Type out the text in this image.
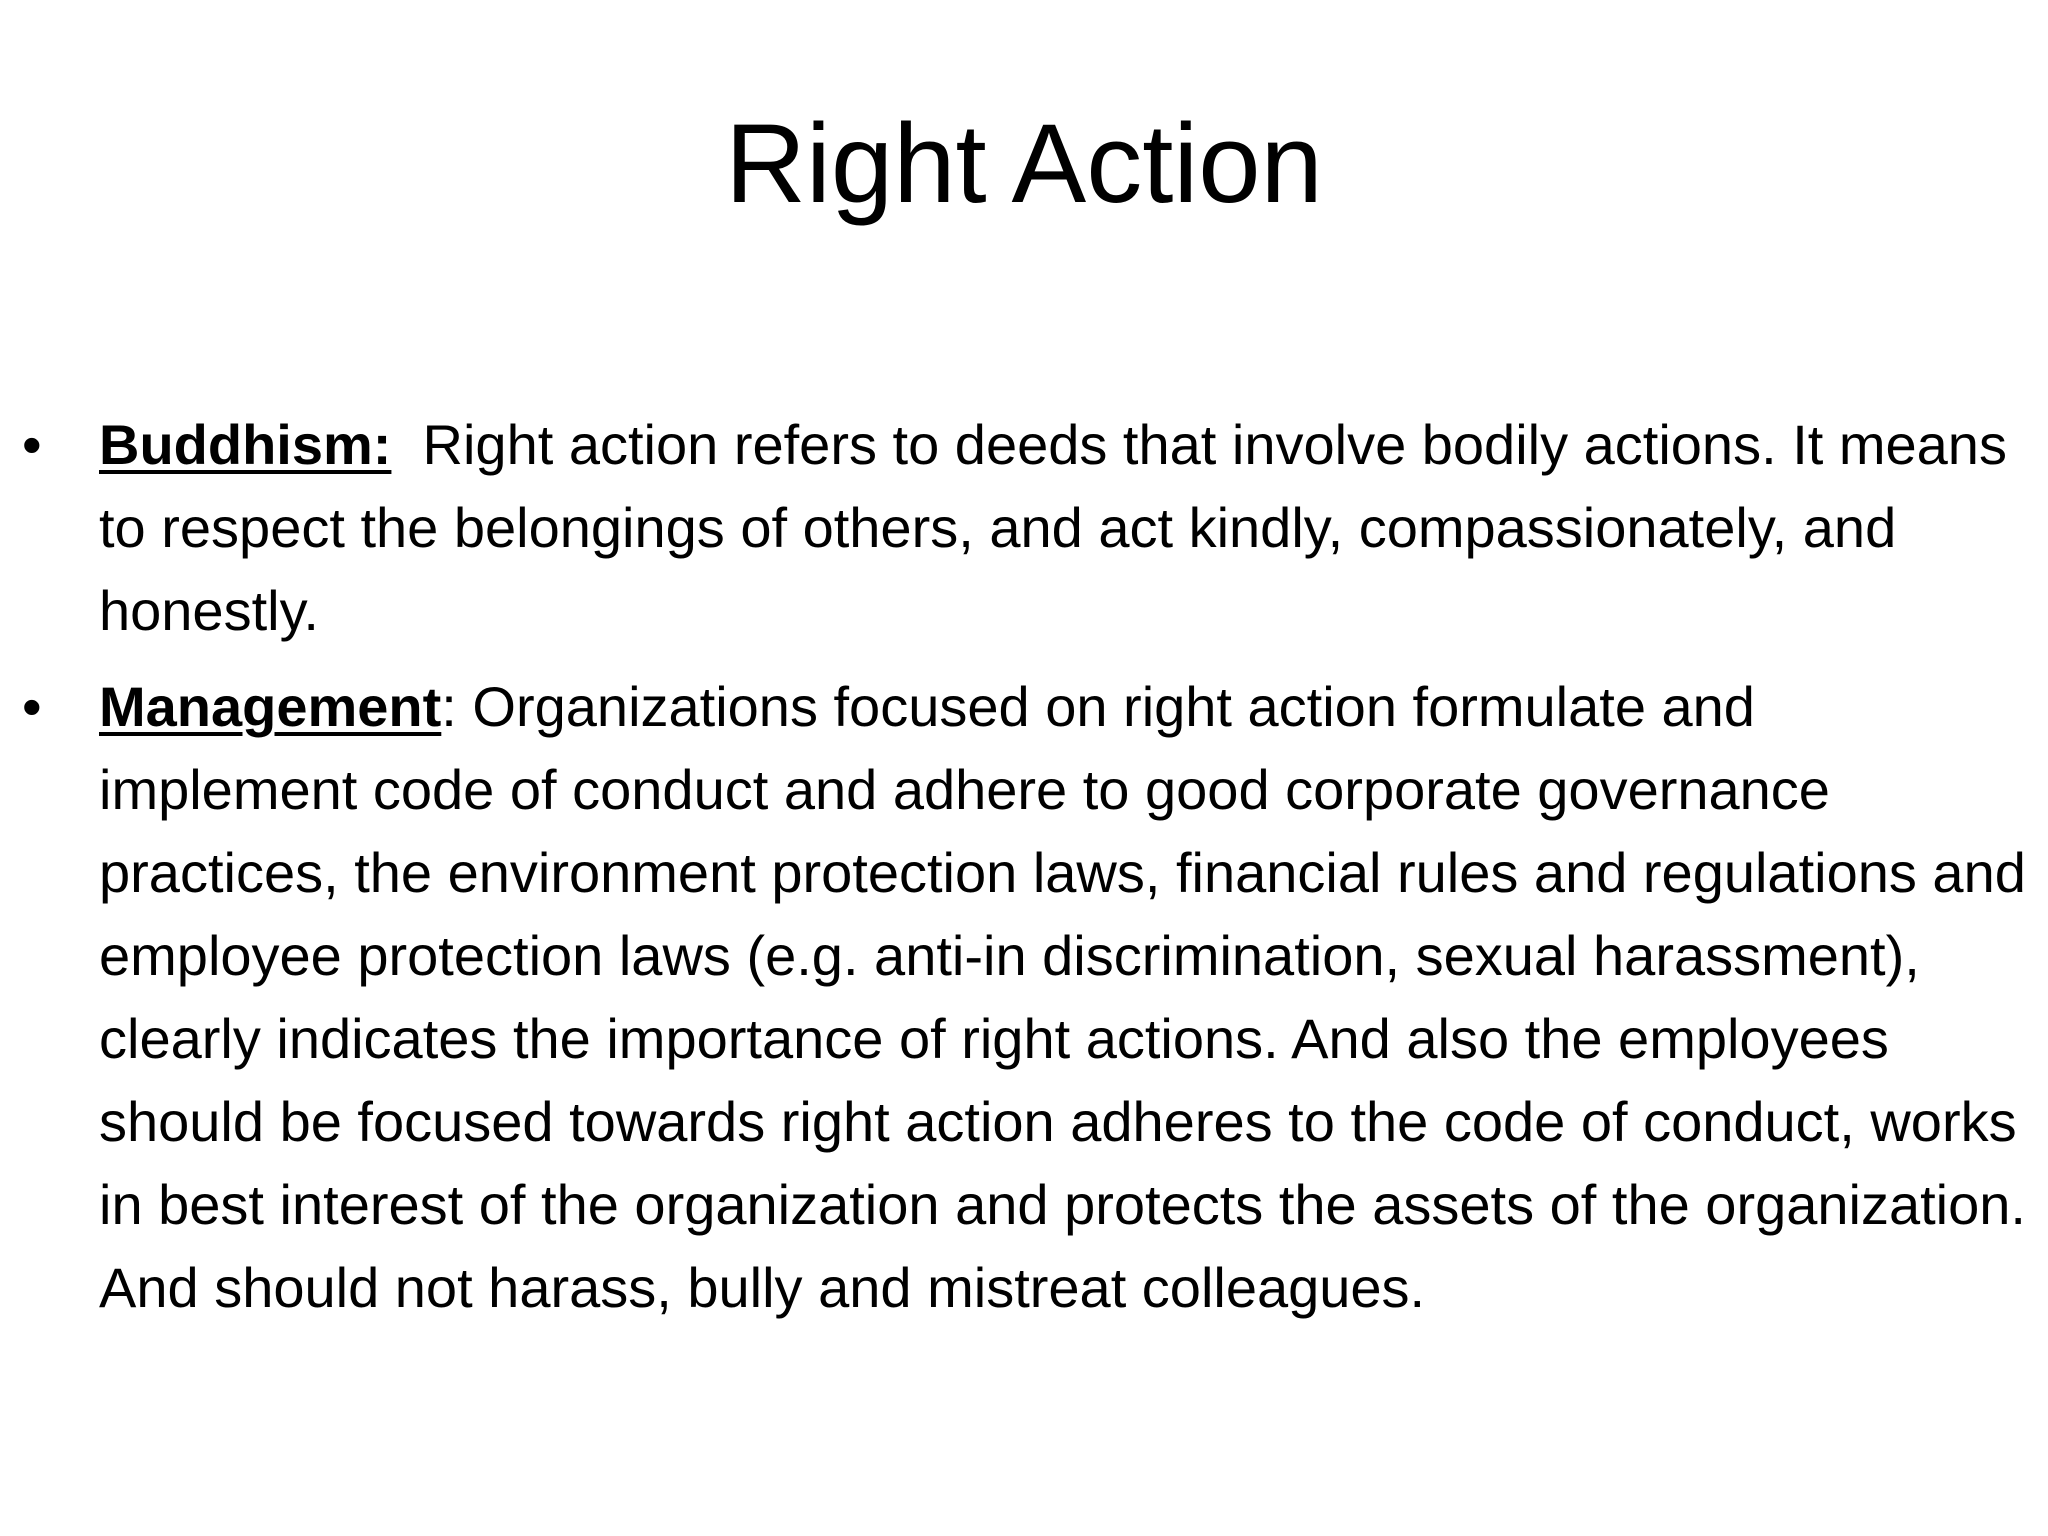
Right Action
• Buddhism: Right action refers to deeds that involve bodily actions. It means to respect the belongings of others, and act kindly, compassionately, and honestly.
• Management: Organizations focused on right action formulate and implement code of conduct and adhere to good corporate governance practices, the environment protection laws, financial rules and regulations and employee protection laws (e.g. anti-in discrimination, sexual harassment), clearly indicates the importance of right actions. And also the employees should be focused towards right action adheres to the code of conduct, works in best interest of the organization and protects the assets of the organization. And should not harass, bully and mistreat colleagues.
